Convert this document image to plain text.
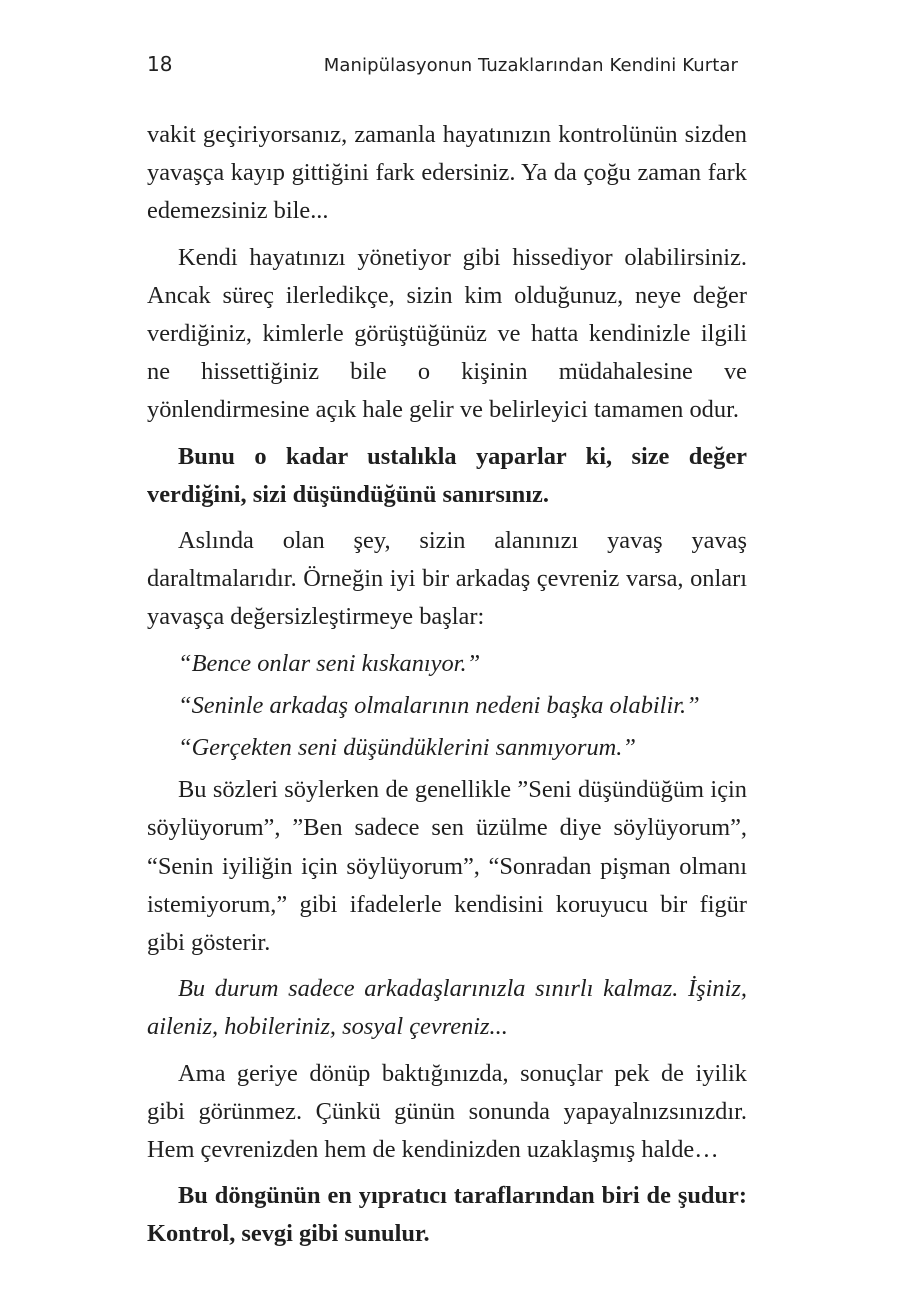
18	Manipülasyonun Tuzaklarından Kendini Kurtar

vakit geçiriyorsanız, zamanla hayatınızın kontrolünün sizden yavaşça kayıp gittiğini fark edersiniz. Ya da çoğu zaman fark edemezsiniz bile...

Kendi hayatınızı yönetiyor gibi hissediyor olabilirsiniz. Ancak süreç ilerledikçe, sizin kim olduğunuz, neye değer verdiğiniz, kimlerle görüştüğünüz ve hatta kendinizle ilgili ne hissettiğiniz bile o kişinin müdahalesine ve yönlendirmesine açık hale gelir ve belirleyici tamamen odur.

Bunu o kadar ustalıkla yaparlar ki, size değer verdiğini, sizi düşündüğünü sanırsınız.

Aslında olan şey, sizin alanınızı yavaş yavaş daraltmalarıdır. Örneğin iyi bir arkadaş çevreniz varsa, onları yavaşça değersizleştirmeye başlar:

“Bence onlar seni kıskanıyor.”

“Seninle arkadaş olmalarının nedeni başka olabilir.”

“Gerçekten seni düşündüklerini sanmıyorum.”

Bu sözleri söylerken de genellikle ”Seni düşündüğüm için söylüyorum”, ”Ben sadece sen üzülme diye söylüyorum”, “Senin iyiliğin için söylüyorum”, “Sonradan pişman olmanı istemiyorum,” gibi ifadelerle kendisini koruyucu bir figür gibi gösterir.

Bu durum sadece arkadaşlarınızla sınırlı kalmaz. İşiniz, aileniz, hobileriniz, sosyal çevreniz...

Ama geriye dönüp baktığınızda, sonuçlar pek de iyilik gibi görünmez. Çünkü günün sonunda yapayalnızsınızdır. Hem çevrenizden hem de kendinizden uzaklaşmış halde…

Bu döngünün en yıpratıcı taraflarından biri de şudur: Kontrol, sevgi gibi sunulur.
